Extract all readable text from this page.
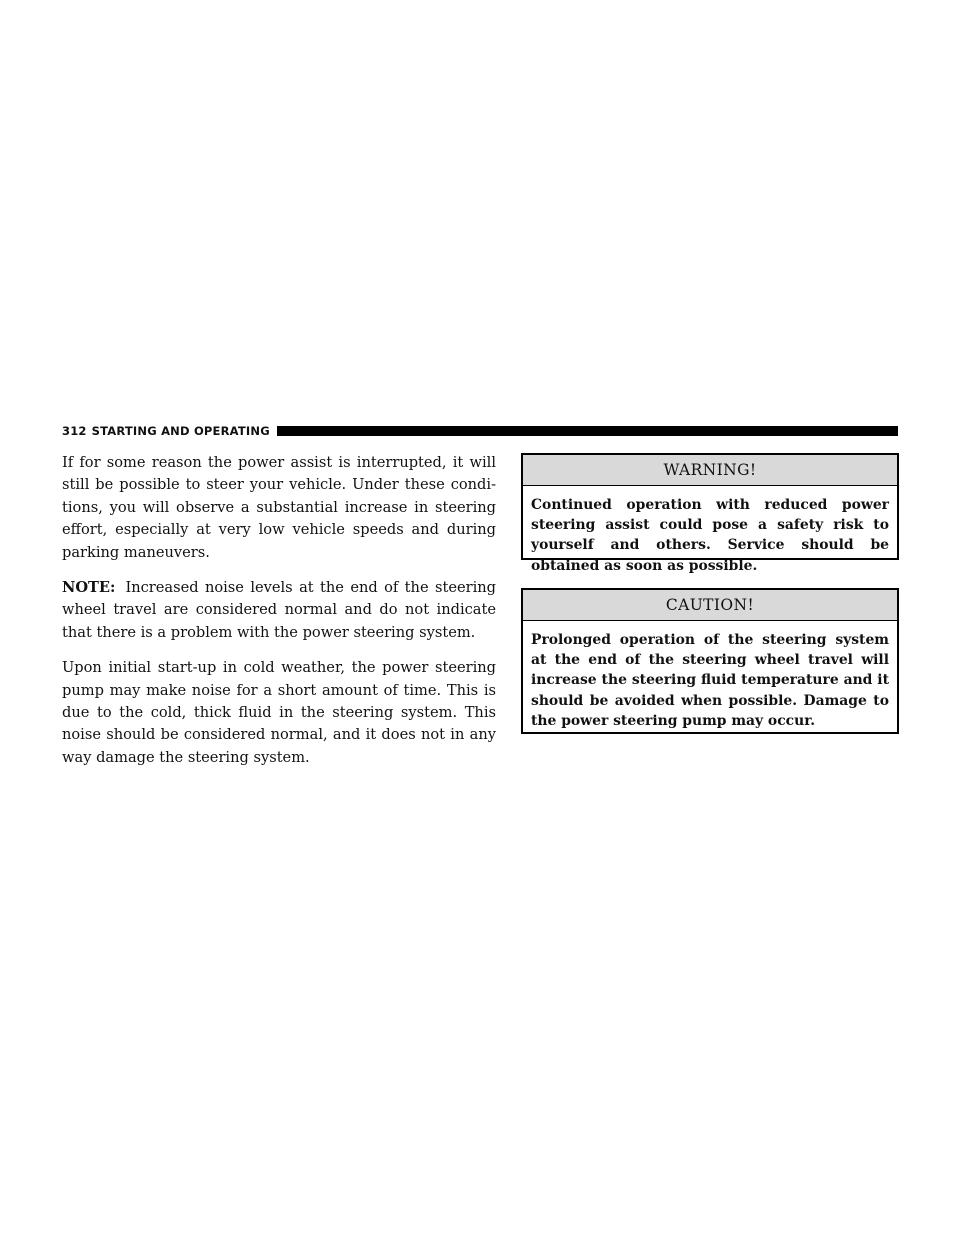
312 STARTING AND OPERATING

If for some reason the power assist is interrupted, it will still be possible to steer your vehicle. Under these conditions, you will observe a substantial increase in steering effort, especially at very low vehicle speeds and during parking maneuvers.

NOTE: Increased noise levels at the end of the steering wheel travel are considered normal and do not indicate that there is a problem with the power steering system.

Upon initial start-up in cold weather, the power steering pump may make noise for a short amount of time. This is due to the cold, thick fluid in the steering system. This noise should be considered normal, and it does not in any way damage the steering system.

WARNING!
Continued operation with reduced power steering assist could pose a safety risk to yourself and others. Service should be obtained as soon as possible.
CAUTION!
Prolonged operation of the steering system at the end of the steering wheel travel will increase the steering fluid temperature and it should be avoided when possible. Damage to the power steering pump may occur.
